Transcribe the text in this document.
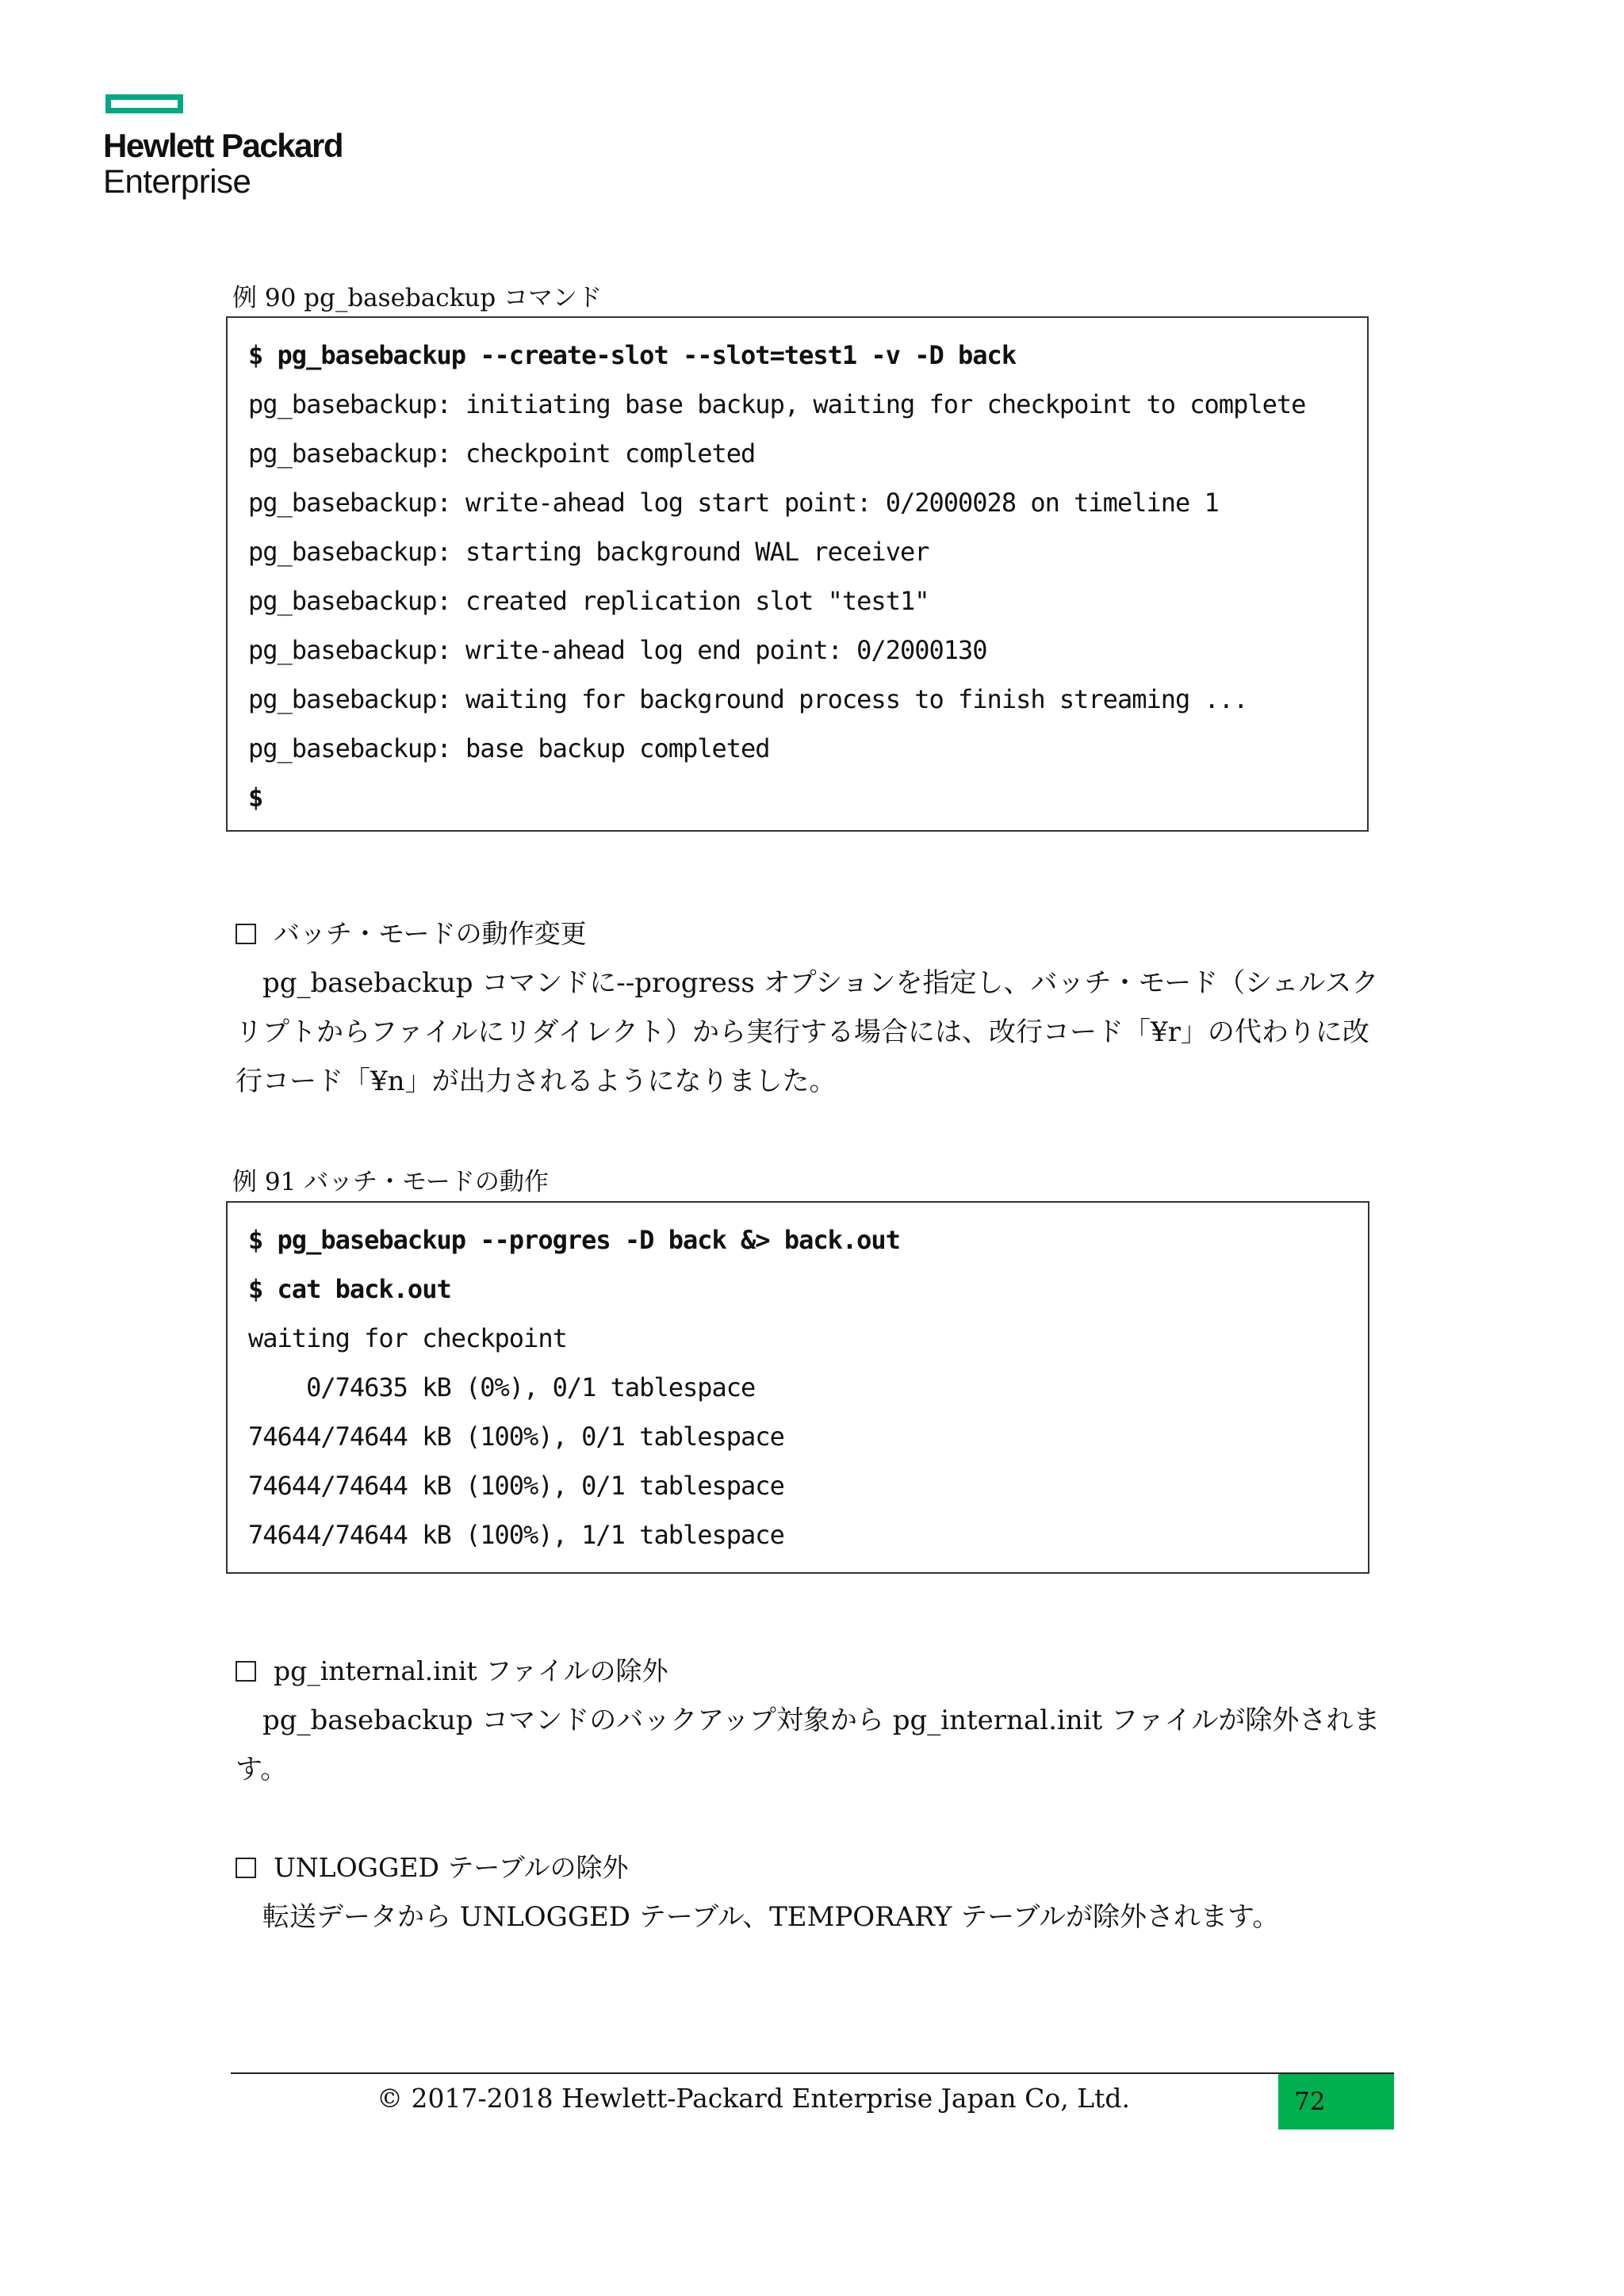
Hewlett Packard
Enterprise
例 90 pg_basebackup コマンド
$ pg_basebackup --create-slot --slot=test1 -v -D back
pg_basebackup: initiating base backup, waiting for checkpoint to complete
pg_basebackup: checkpoint completed
pg_basebackup: write-ahead log start point: 0/2000028 on timeline 1
pg_basebackup: starting background WAL receiver
pg_basebackup: created replication slot "test1"
pg_basebackup: write-ahead log end point: 0/2000130
pg_basebackup: waiting for background process to finish streaming ...
pg_basebackup: base backup completed
$
バッチ・モードの動作変更
pg_basebackup コマンドに--progress オプションを指定し、バッチ・モード（シェルスクリプトからファイルにリダイレクト）から実行する場合には、改行コード「¥r」の代わりに改行コード「¥n」が出力されるようになりました。
例 91 バッチ・モードの動作
$ pg_basebackup --progres -D back &> back.out
$ cat back.out
waiting for checkpoint
0/74635 kB (0%), 0/1 tablespace
74644/74644 kB (100%), 0/1 tablespace
74644/74644 kB (100%), 0/1 tablespace
74644/74644 kB (100%), 1/1 tablespace
pg_internal.init ファイルの除外
pg_basebackup コマンドのバックアップ対象から pg_internal.init ファイルが除外されます。
UNLOGGED テーブルの除外
転送データから UNLOGGED テーブル、TEMPORARY テーブルが除外されます。
© 2017-2018 Hewlett-Packard Enterprise Japan Co, Ltd.	72
